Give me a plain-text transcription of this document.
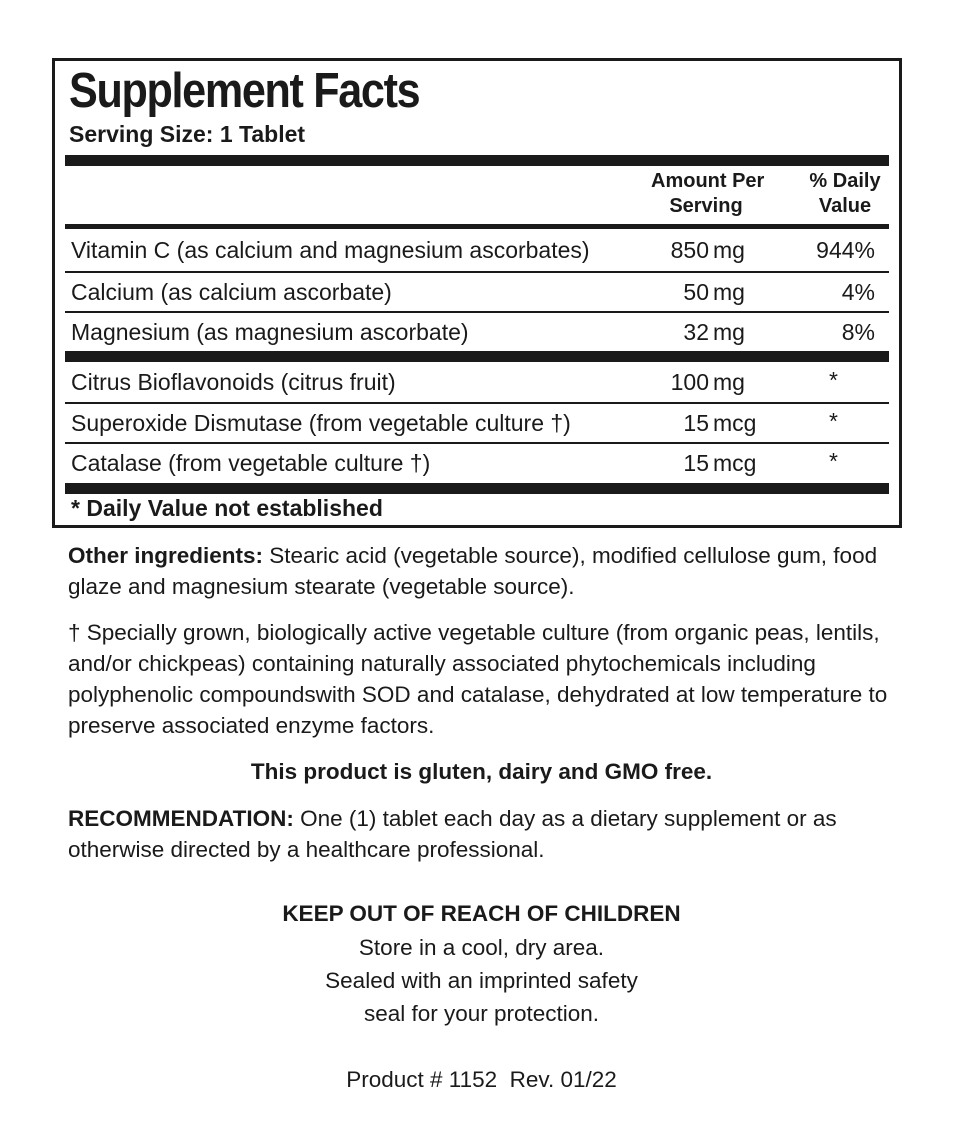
Supplement Facts
Serving Size: 1 Tablet
Amount Per
Serving
% Daily
Value
Vitamin C (as calcium and magnesium ascorbates)	850 mg	944%
Calcium (as calcium ascorbate)	50 mg	4%
Magnesium (as magnesium ascorbate)	32 mg	8%
Citrus Bioflavonoids (citrus fruit)	100 mg	*
Superoxide Dismutase (from vegetable culture †)	15 mcg	*
Catalase (from vegetable culture †)	15 mcg	*
* Daily Value not established
Other ingredients: Stearic acid (vegetable source), modified cellulose gum, food glaze and magnesium stearate (vegetable source).
† Specially grown, biologically active vegetable culture (from organic peas, lentils, and/or chickpeas) containing naturally associated phytochemicals including polyphenolic compoundswith SOD and catalase, dehydrated at low temperature to preserve associated enzyme factors.
This product is gluten, dairy and GMO free.
RECOMMENDATION: One (1) tablet each day as a dietary supplement or as otherwise directed by a healthcare professional.
KEEP OUT OF REACH OF CHILDREN
Store in a cool, dry area.
Sealed with an imprinted safety
seal for your protection.
Product # 1152  Rev. 01/22
